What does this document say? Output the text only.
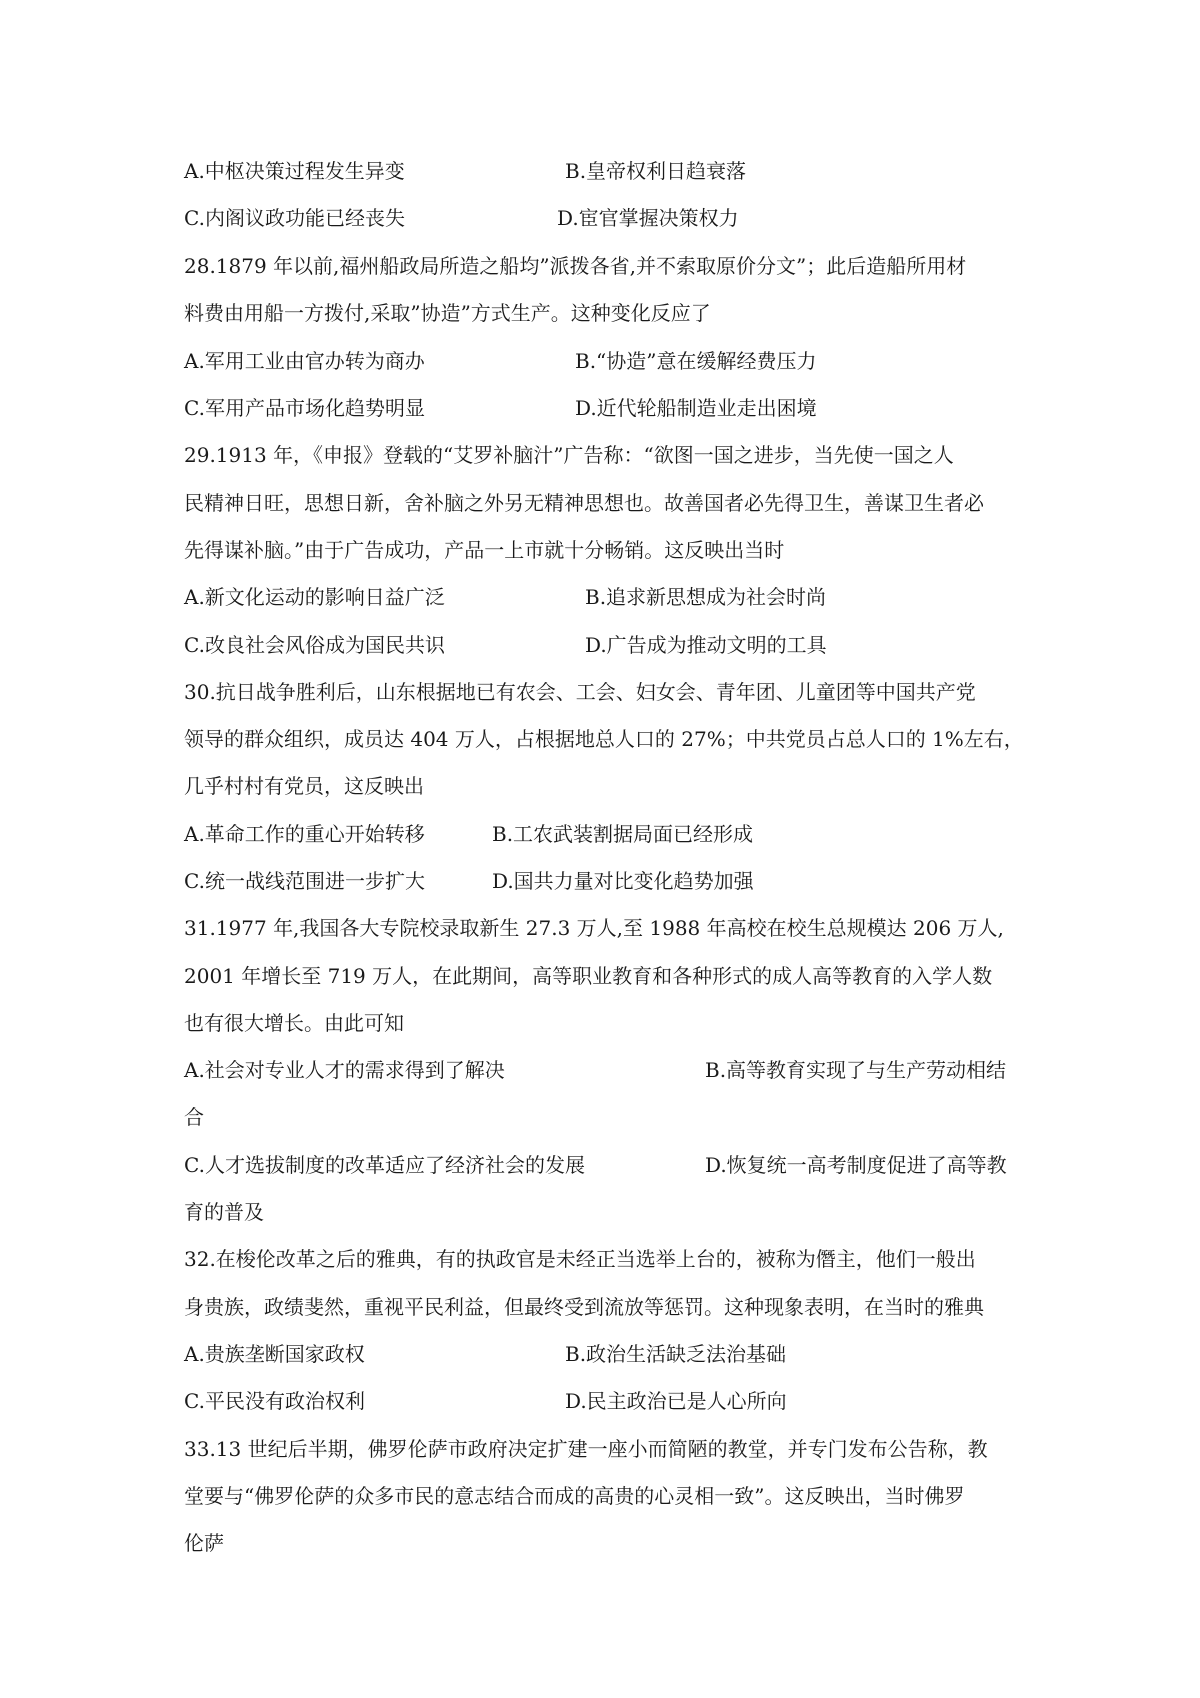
A.中枢决策过程发生异变	B.皇帝权利日趋衰落
C.内阁议政功能已经丧失	D.宦官掌握决策权力
28.1879 年以前,福州船政局所造之船均”派拨各省,并不索取原价分文”；此后造船所用材
料费由用船一方拨付,采取”协造”方式生产。这种变化反应了
A.军用工业由官办转为商办	B.“协造”意在缓解经费压力
C.军用产品市场化趋势明显	D.近代轮船制造业走出困境
29.1913 年，《申报》登载的“艾罗补脑汁”广告称：“欲图一国之进步，当先使一国之人
民精神日旺，思想日新，舍补脑之外另无精神思想也。故善国者必先得卫生，善谋卫生者必
先得谋补脑。”由于广告成功，产品一上市就十分畅销。这反映出当时
A.新文化运动的影响日益广泛	B.追求新思想成为社会时尚
C.改良社会风俗成为国民共识	D.广告成为推动文明的工具
30.抗日战争胜利后，山东根据地已有农会、工会、妇女会、青年团、儿童团等中国共产党
领导的群众组织，成员达 404 万人，占根据地总人口的 27%；中共党员占总人口的 1%左右，
几乎村村有党员，这反映出
A.革命工作的重心开始转移	B.工农武装割据局面已经形成
C.统一战线范围进一步扩大	D.国共力量对比变化趋势加强
31.1977 年,我国各大专院校录取新生 27.3 万人,至 1988 年高校在校生总规模达 206 万人,
2001 年增长至 719 万人，在此期间，高等职业教育和各种形式的成人高等教育的入学人数
也有很大增长。由此可知
A.社会对专业人才的需求得到了解决	B.高等教育实现了与生产劳动相结
合
C.人才选拔制度的改革适应了经济社会的发展	D.恢复统一高考制度促进了高等教
育的普及
32.在梭伦改革之后的雅典，有的执政官是未经正当选举上台的，被称为僭主，他们一般出
身贵族，政绩斐然，重视平民利益，但最终受到流放等惩罚。这种现象表明，在当时的雅典
A.贵族垄断国家政权	B.政治生活缺乏法治基础
C.平民没有政治权利	D.民主政治已是人心所向
33.13 世纪后半期，佛罗伦萨市政府决定扩建一座小而简陋的教堂，并专门发布公告称，教
堂要与“佛罗伦萨的众多市民的意志结合而成的高贵的心灵相一致”。这反映出，当时佛罗
伦萨
